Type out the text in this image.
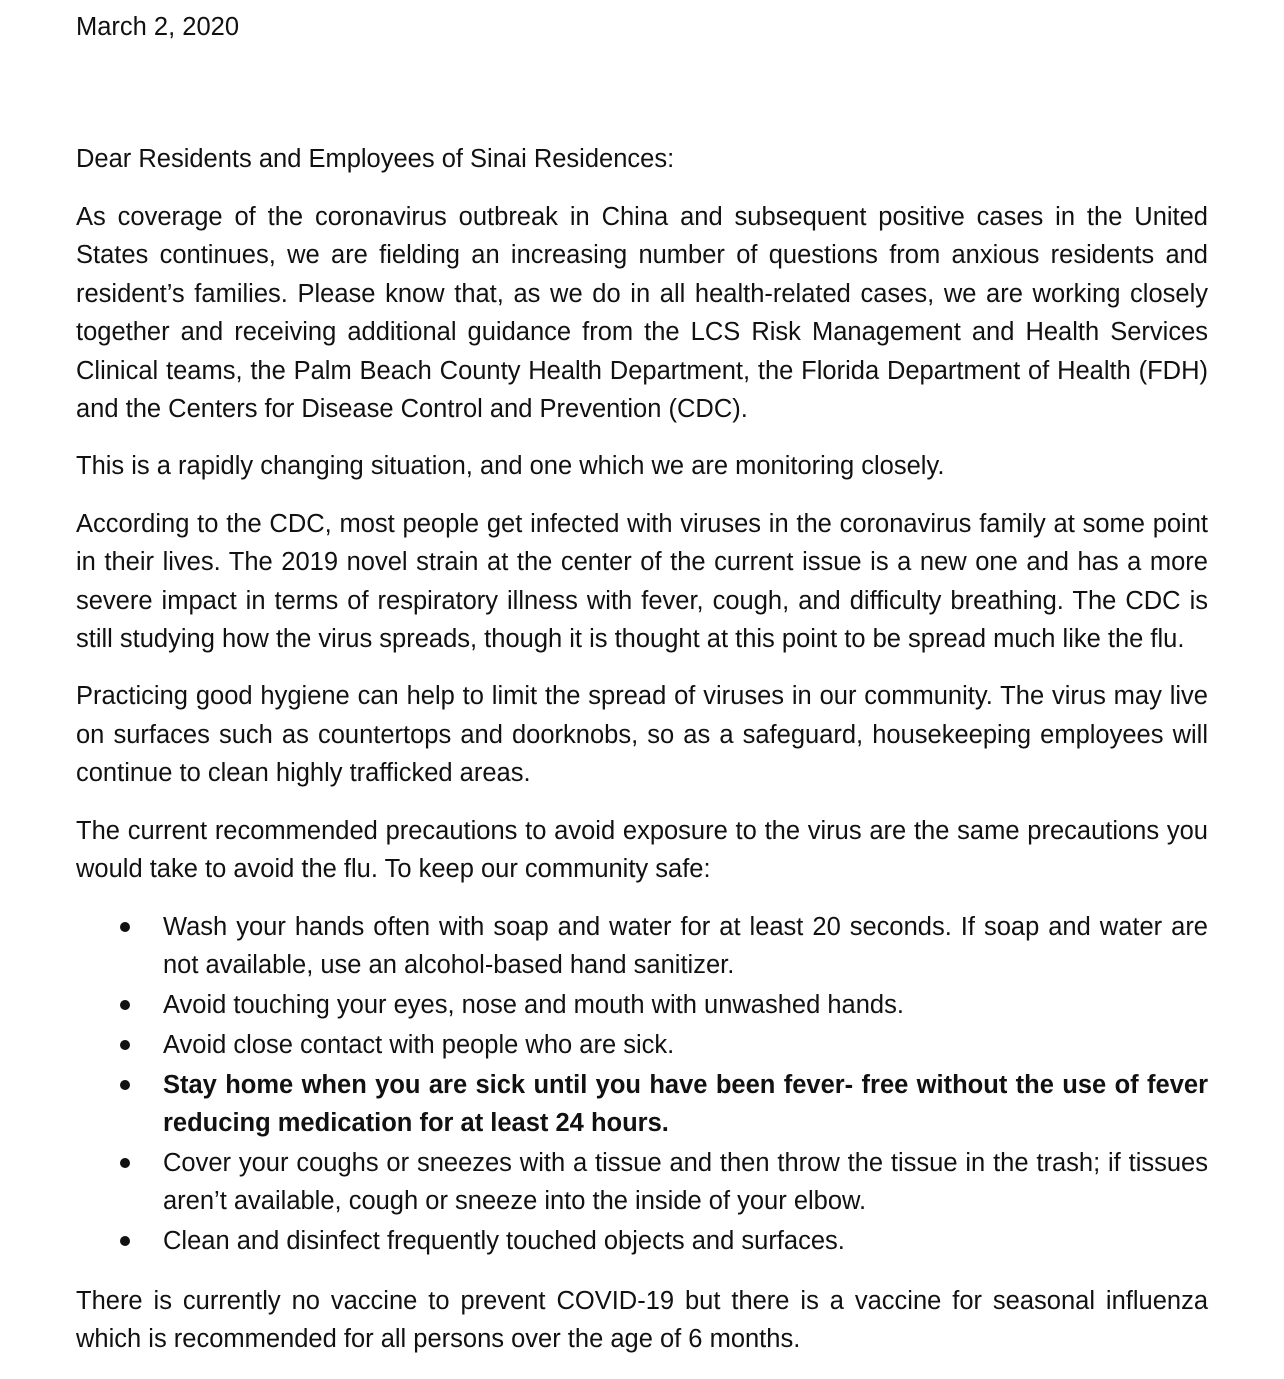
March 2, 2020
Dear Residents and Employees of Sinai Residences:

As coverage of the coronavirus outbreak in China and subsequent positive cases in the United States continues, we are fielding an increasing number of questions from anxious residents and resident’s families. Please know that, as we do in all health-related cases, we are working closely together and receiving additional guidance from the LCS Risk Management and Health Services Clinical teams, the Palm Beach County Health Department, the Florida Department of Health (FDH) and the Centers for Disease Control and Prevention (CDC).

This is a rapidly changing situation, and one which we are monitoring closely.

According to the CDC, most people get infected with viruses in the coronavirus family at some point in their lives. The 2019 novel strain at the center of the current issue is a new one and has a more severe impact in terms of respiratory illness with fever, cough, and difficulty breathing. The CDC is still studying how the virus spreads, though it is thought at this point to be spread much like the flu.

Practicing good hygiene can help to limit the spread of viruses in our community. The virus may live on surfaces such as countertops and doorknobs, so as a safeguard, housekeeping employees will continue to clean highly trafficked areas.

The current recommended precautions to avoid exposure to the virus are the same precautions you would take to avoid the flu. To keep our community safe:

Wash your hands often with soap and water for at least 20 seconds. If soap and water are not available, use an alcohol-based hand sanitizer.
Avoid touching your eyes, nose and mouth with unwashed hands.
Avoid close contact with people who are sick.
Stay home when you are sick until you have been fever- free without the use of fever reducing medication for at least 24 hours.
Cover your coughs or sneezes with a tissue and then throw the tissue in the trash; if tissues aren’t available, cough or sneeze into the inside of your elbow.
Clean and disinfect frequently touched objects and surfaces.

There is currently no vaccine to prevent COVID-19 but there is a vaccine for seasonal influenza which is recommended for all persons over the age of 6 months.
